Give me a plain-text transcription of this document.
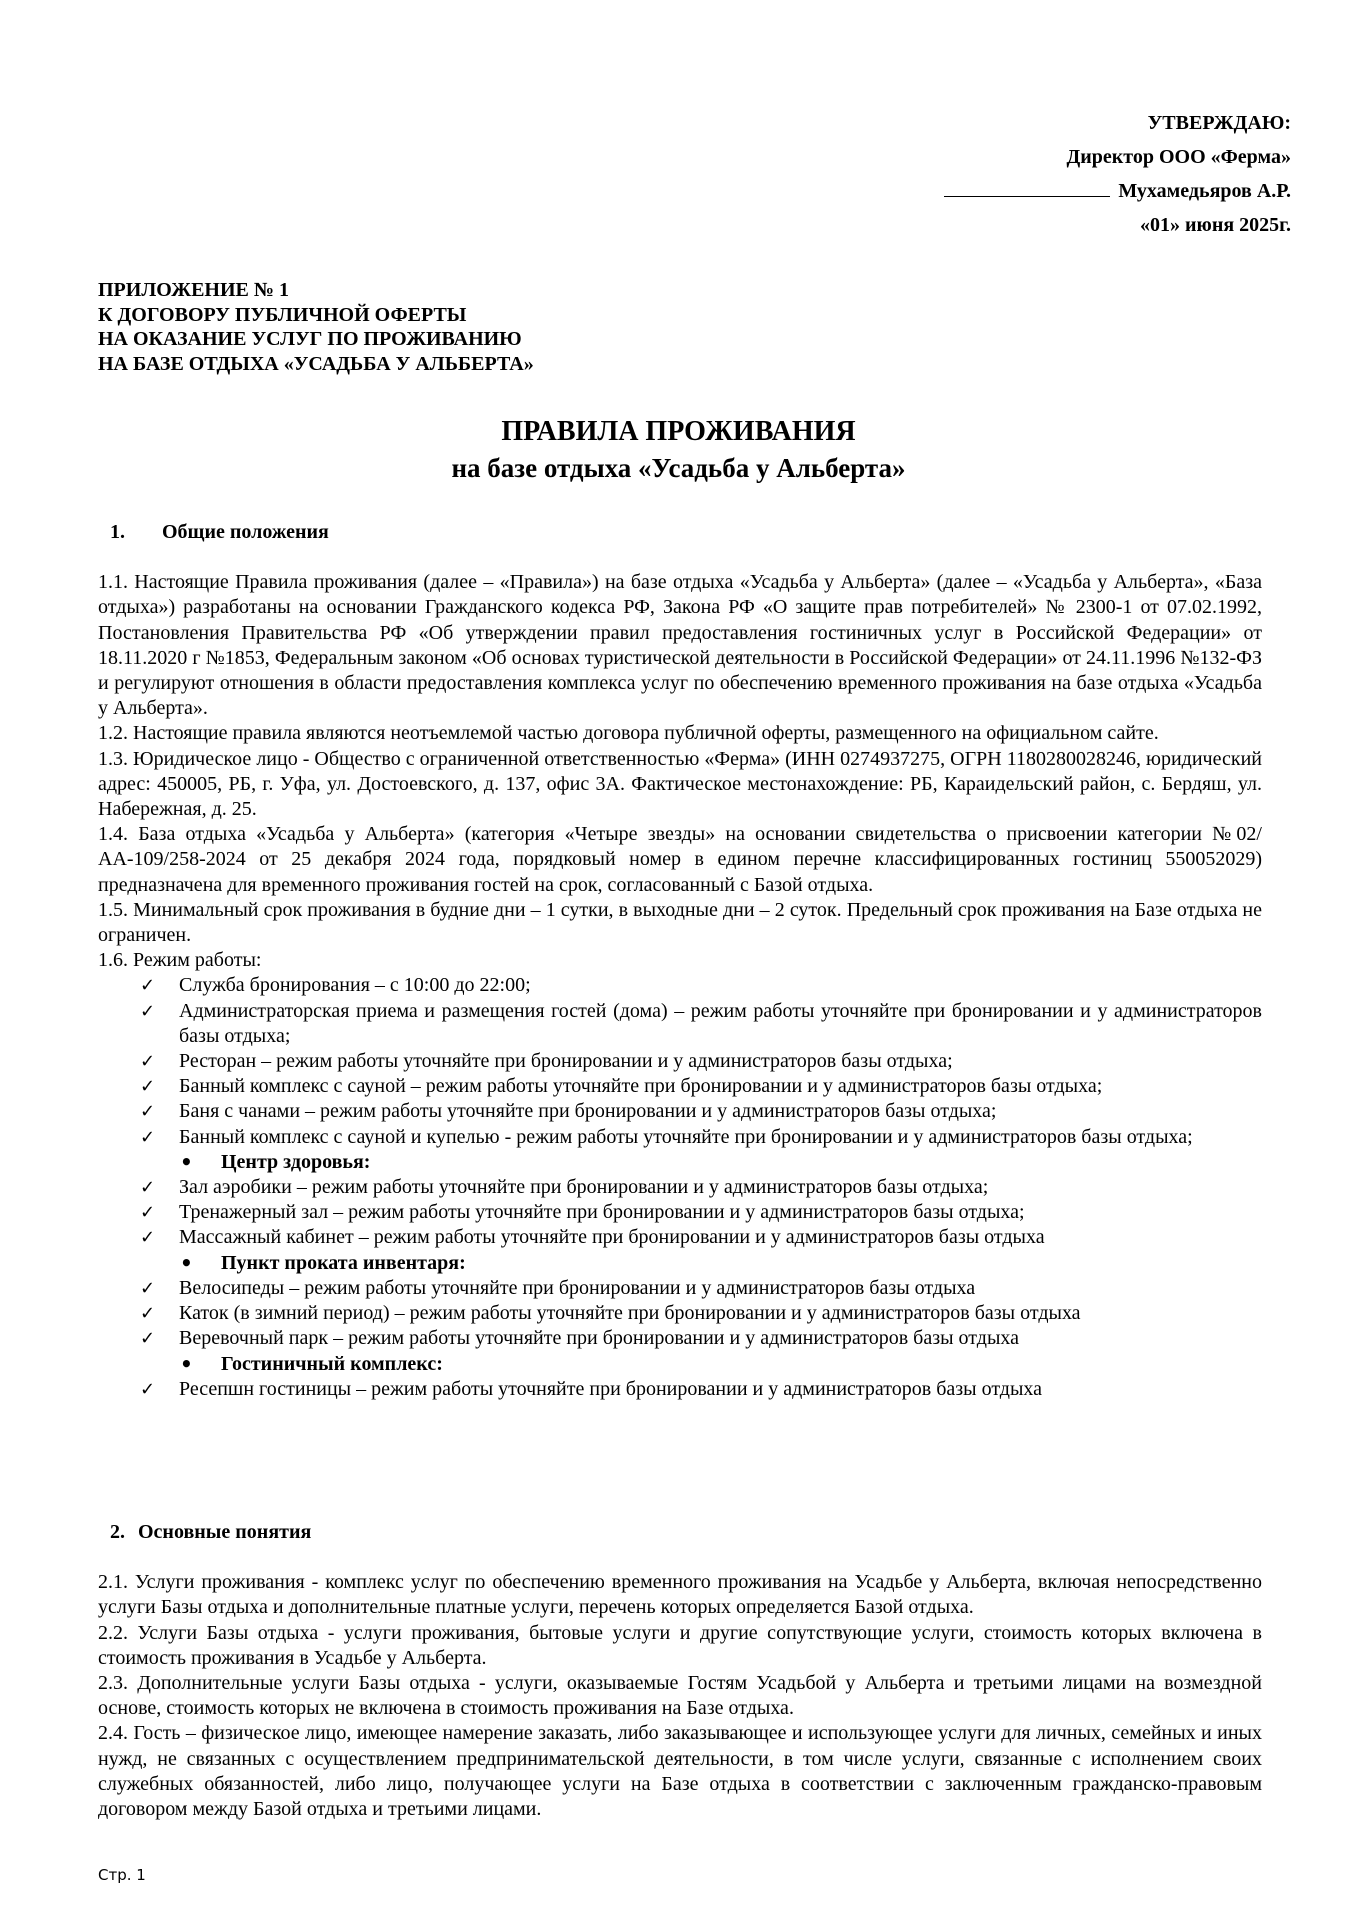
УТВЕРЖДАЮ:
Директор ООО «Ферма»
Мухамедьяров А.Р.
«01» июня 2025г.
ПРИЛОЖЕНИЕ № 1
К ДОГОВОРУ ПУБЛИЧНОЙ ОФЕРТЫ
НА ОКАЗАНИЕ УСЛУГ ПО ПРОЖИВАНИЮ
НА БАЗЕ ОТДЫХА «УСАДЬБА У АЛЬБЕРТА»
ПРАВИЛА ПРОЖИВАНИЯ
на базе отдыха «Усадьба у Альберта»
1. Общие положения
1.1. Настоящие Правила проживания (далее – «Правила») на базе отдыха «Усадьба у Альберта» (далее – «Усадьба у Альберта», «База отдыха») разработаны на основании Гражданского кодекса РФ, Закона РФ «О защите прав потребителей» № 2300-1 от 07.02.1992, Постановления Правительства РФ «Об утверждении правил предоставления гостиничных услуг в Российской Федерации» от 18.11.2020 г №1853, Федеральным законом «Об основах туристической деятельности в Российской Федерации» от 24.11.1996 №132-ФЗ и регулируют отношения в области предоставления комплекса услуг по обеспечению временного проживания на базе отдыха «Усадьба у Альберта».
1.2. Настоящие правила являются неотъемлемой частью договора публичной оферты, размещенного на официальном сайте.
1.3. Юридическое лицо - Общество с ограниченной ответственностью «Ферма» (ИНН 0274937275, ОГРН 1180280028246, юридический адрес: 450005, РБ, г. Уфа, ул. Достоевского, д. 137, офис 3А. Фактическое местонахождение: РБ, Караидельский район, с. Бердяш, ул. Набережная, д. 25.
1.4. База отдыха «Усадьба у Альберта» (категория «Четыре звезды» на основании свидетельства о присвоении категории №02/АА-109/258-2024 от 25 декабря 2024 года, порядковый номер в едином перечне классифицированных гостиниц 550052029) предназначена для временного проживания гостей на срок, согласованный с Базой отдыха.
1.5. Минимальный срок проживания в будние дни – 1 сутки, в выходные дни – 2 суток. Предельный срок проживания на Базе отдыха не ограничен.
1.6. Режим работы:
✓ Служба бронирования – с 10:00 до 22:00;
✓ Администраторская приема и размещения гостей (дома) – режим работы уточняйте при бронировании и у администраторов базы отдыха;
✓ Ресторан – режим работы уточняйте при бронировании и у администраторов базы отдыха;
✓ Банный комплекс с сауной – режим работы уточняйте при бронировании и у администраторов базы отдыха;
✓ Баня с чанами – режим работы уточняйте при бронировании и у администраторов базы отдыха;
✓ Банный комплекс с сауной и купелью - режим работы уточняйте при бронировании и у администраторов базы отдыха;
• Центр здоровья:
✓ Зал аэробики – режим работы уточняйте при бронировании и у администраторов базы отдыха;
✓ Тренажерный зал – режим работы уточняйте при бронировании и у администраторов базы отдыха;
✓ Массажный кабинет – режим работы уточняйте при бронировании и у администраторов базы отдыха
• Пункт проката инвентаря:
✓ Велосипеды – режим работы уточняйте при бронировании и у администраторов базы отдыха
✓ Каток (в зимний период) – режим работы уточняйте при бронировании и у администраторов базы отдыха
✓ Веревочный парк – режим работы уточняйте при бронировании и у администраторов базы отдыха
• Гостиничный комплекс:
✓ Ресепшн гостиницы – режим работы уточняйте при бронировании и у администраторов базы отдыха
2. Основные понятия
2.1. Услуги проживания - комплекс услуг по обеспечению временного проживания на Усадьбе у Альберта, включая непосредственно услуги Базы отдыха и дополнительные платные услуги, перечень которых определяется Базой отдыха.
2.2. Услуги Базы отдыха - услуги проживания, бытовые услуги и другие сопутствующие услуги, стоимость которых включена в стоимость проживания в Усадьбе у Альберта.
2.3. Дополнительные услуги Базы отдыха - услуги, оказываемые Гостям Усадьбой у Альберта и третьими лицами на возмездной основе, стоимость которых не включена в стоимость проживания на Базе отдыха.
2.4. Гость – физическое лицо, имеющее намерение заказать, либо заказывающее и использующее услуги для личных, семейных и иных нужд, не связанных с осуществлением предпринимательской деятельности, в том числе услуги, связанные с исполнением своих служебных обязанностей, либо лицо, получающее услуги на Базе отдыха в соответствии с заключенным гражданско-правовым договором между Базой отдыха и третьими лицами.
Стр. 1
